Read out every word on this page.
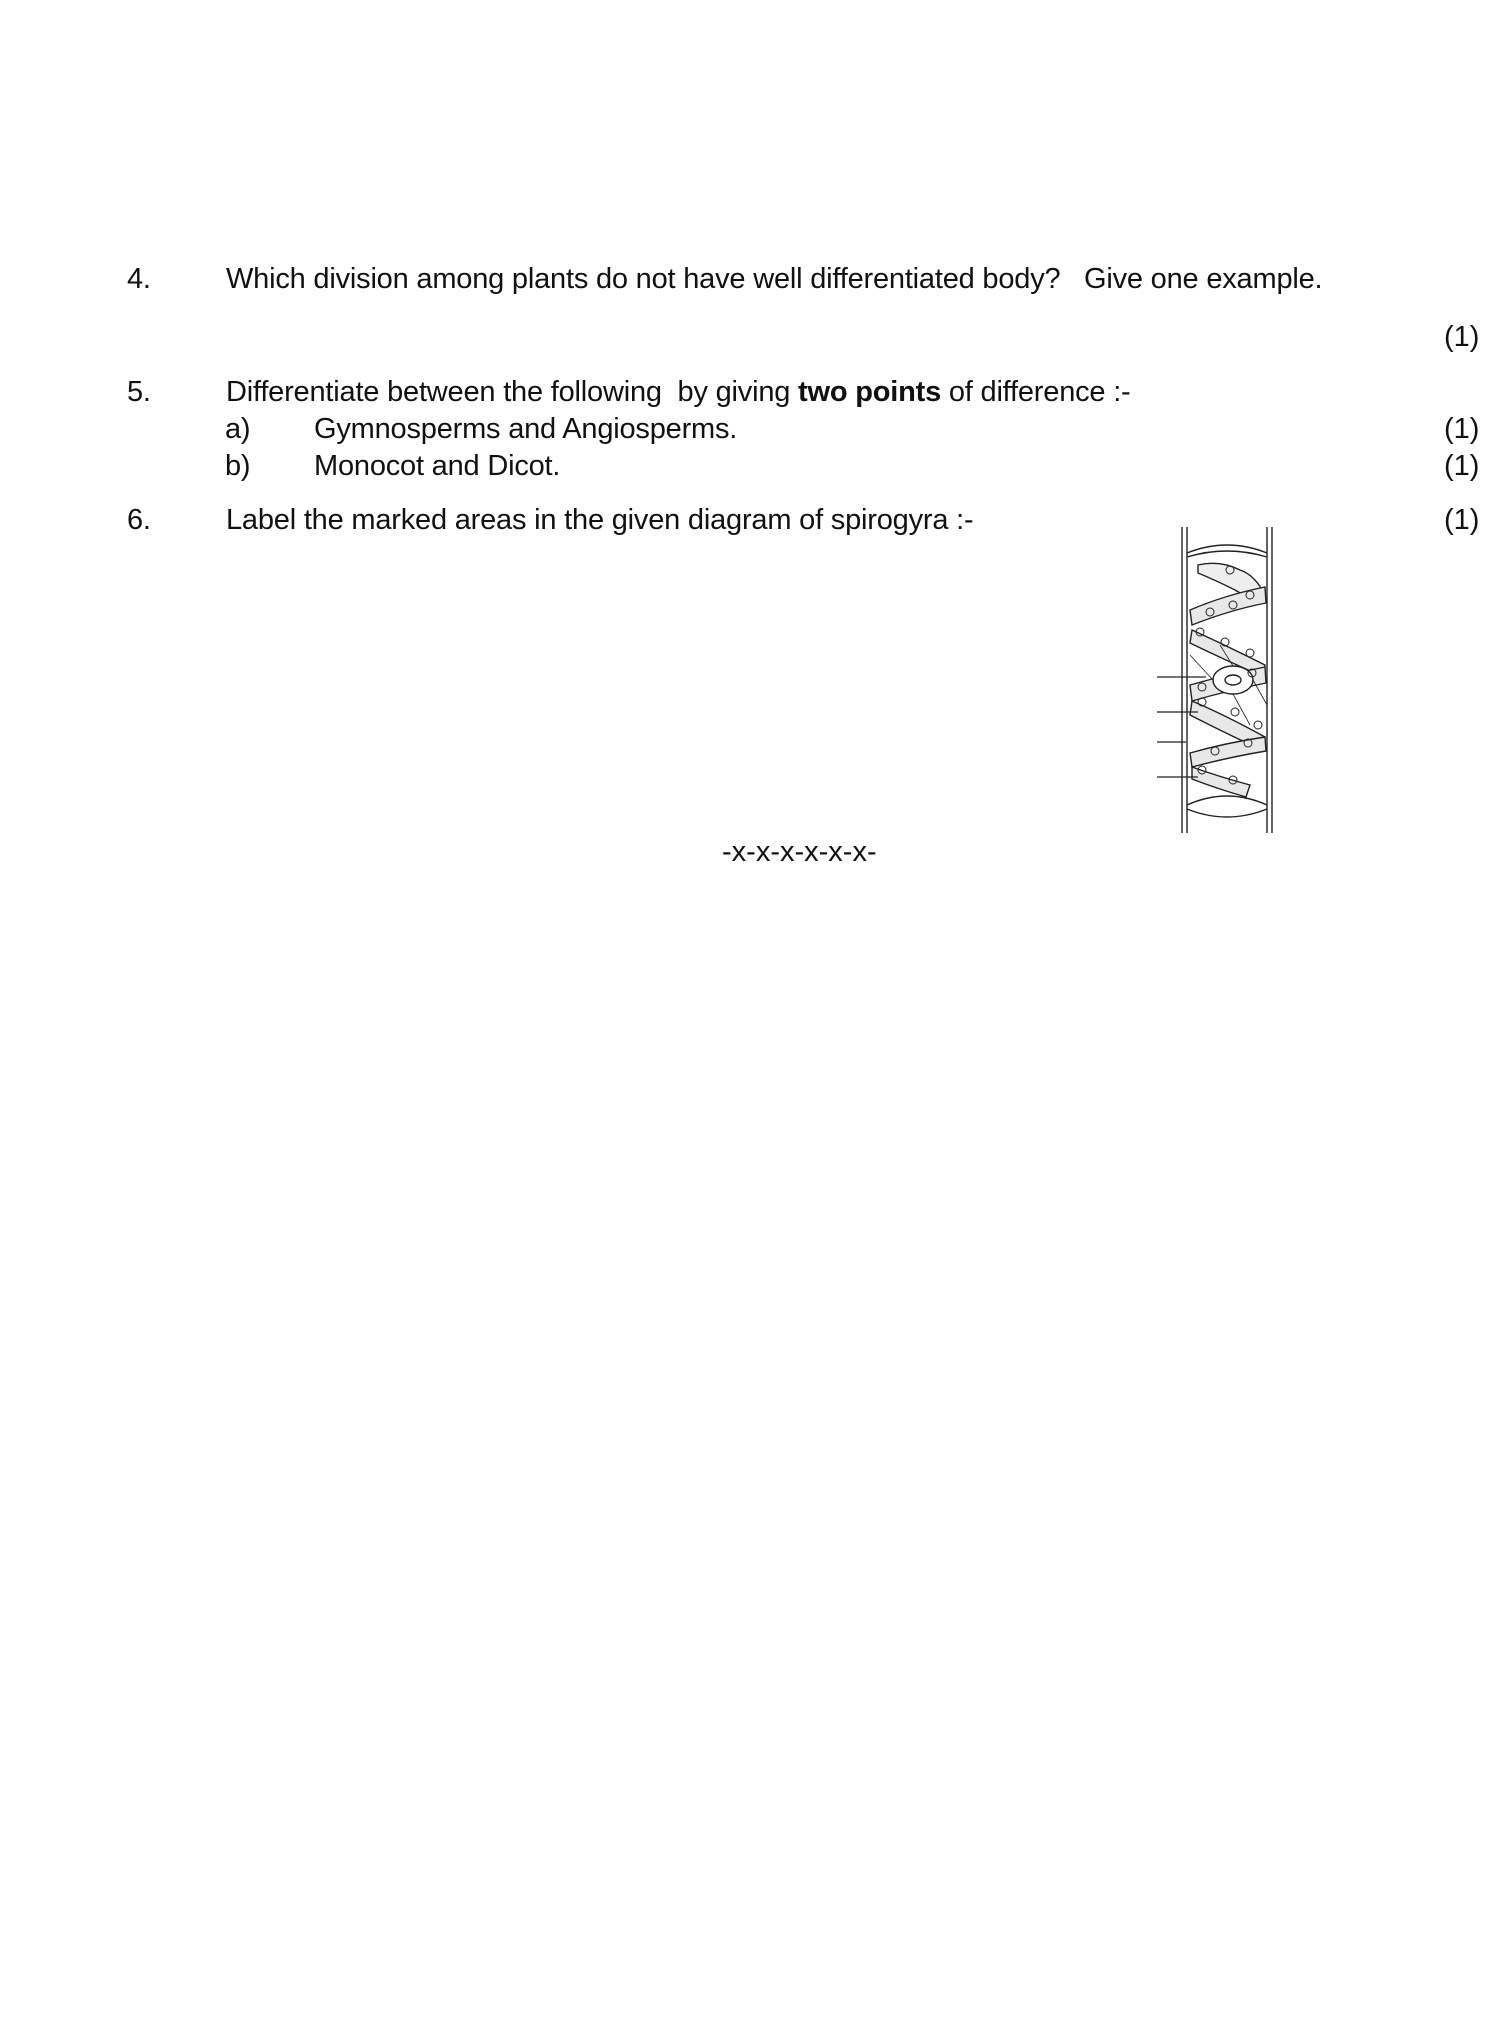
4.	Which division among plants do not have well differentiated body?   Give one example.
(1)
5.	Differentiate between the following  by giving two points of difference :-
a) Gymnosperms and Angiosperms.	(1)
b) Monocot and Dicot.	(1)
6.	Label the marked areas in the given diagram of spirogyra :-	(1)
-x-x-x-x-x-x-
